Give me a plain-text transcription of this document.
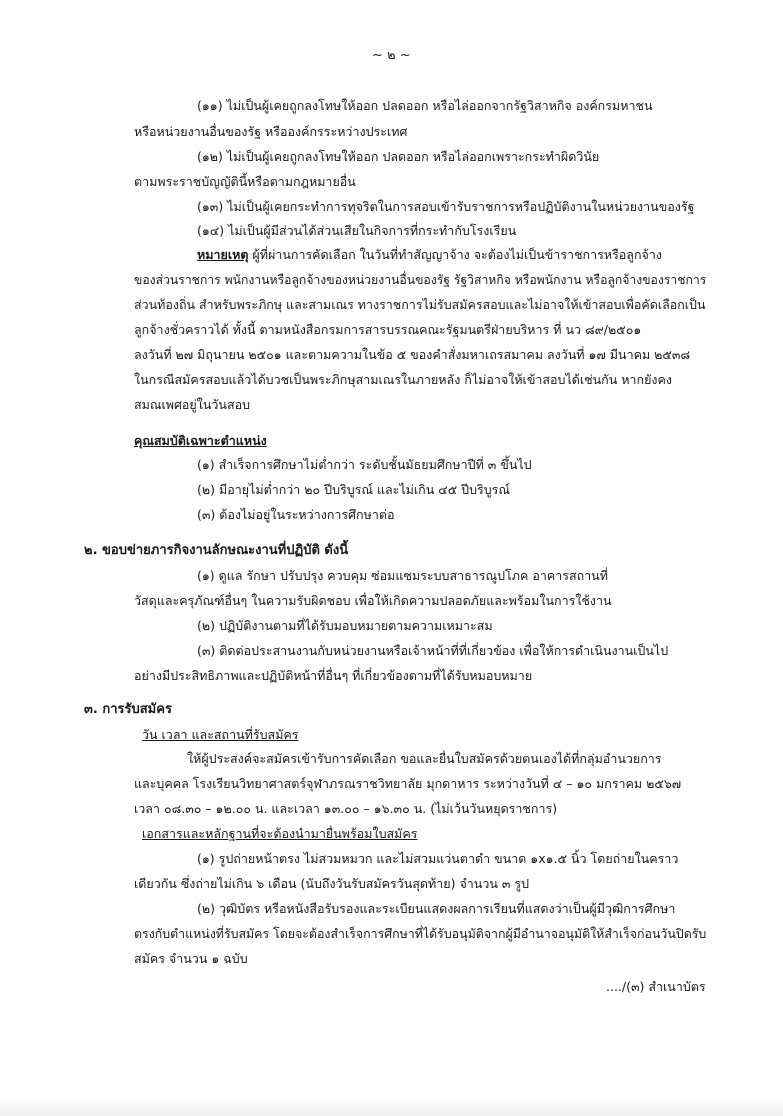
~ ๒ ~
(๑๑) ไม่เป็นผู้เคยถูกลงโทษให้ออก ปลดออก หรือไล่ออกจากรัฐวิสาหกิจ องค์กรมหาชน
หรือหน่วยงานอื่นของรัฐ หรือองค์กรระหว่างประเทศ
(๑๒) ไม่เป็นผู้เคยถูกลงโทษให้ออก ปลดออก หรือไล่ออกเพราะกระทำผิดวินัย
ตามพระราชบัญญัตินี้หรือตามกฎหมายอื่น
(๑๓) ไม่เป็นผู้เคยกระทำการทุจริตในการสอบเข้ารับราชการหรือปฏิบัติงานในหน่วยงานของรัฐ
(๑๔) ไม่เป็นผู้มีส่วนได้ส่วนเสียในกิจการที่กระทำกับโรงเรียน
หมายเหตุ ผู้ที่ผ่านการคัดเลือก ในวันที่ทำสัญญาจ้าง จะต้องไม่เป็นข้าราชการหรือลูกจ้าง
ของส่วนราชการ พนักงานหรือลูกจ้างของหน่วยงานอื่นของรัฐ รัฐวิสาหกิจ หรือพนักงาน หรือลูกจ้างของราชการ
ส่วนท้องถิ่น สำหรับพระภิกษุ และสามเณร ทางราชการไม่รับสมัครสอบและไม่อาจให้เข้าสอบเพื่อคัดเลือกเป็น
ลูกจ้างชั่วคราวได้ ทั้งนี้ ตามหนังสือกรมการสารบรรณคณะรัฐมนตรีฝ่ายบริหาร ที่ นว ๘๙/๒๕๐๑
ลงวันที่ ๒๗ มิถุนายน ๒๕๐๑ และตามความในข้อ ๕ ของคำสั่งมหาเถรสมาคม ลงวันที่ ๑๗ มีนาคม ๒๕๓๘
ในกรณีสมัครสอบแล้วได้บวชเป็นพระภิกษุสามเณรในภายหลัง ก็ไม่อาจให้เข้าสอบได้เช่นกัน หากยังคง
สมณเพศอยู่ในวันสอบ
คุณสมบัติเฉพาะตำแหน่ง
(๑) สำเร็จการศึกษาไม่ต่ำกว่า ระดับชั้นมัธยมศึกษาปีที่ ๓ ขึ้นไป
(๒) มีอายุไม่ต่ำกว่า ๒๐ ปีบริบูรณ์ และไม่เกิน ๔๕ ปีบริบูรณ์
(๓) ต้องไม่อยู่ในระหว่างการศึกษาต่อ
๒. ขอบข่ายภารกิจงานลักษณะงานที่ปฏิบัติ ดังนี้
(๑) ดูแล รักษา ปรับปรุง ควบคุม ซ่อมแซมระบบสาธารณูปโภค อาคารสถานที่
วัสดุและครุภัณฑ์อื่นๆ ในความรับผิดชอบ เพื่อให้เกิดความปลอดภัยและพร้อมในการใช้งาน
(๒) ปฏิบัติงานตามที่ได้รับมอบหมายตามความเหมาะสม
(๓) ติดต่อประสานงานกับหน่วยงานหรือเจ้าหน้าที่ที่เกี่ยวข้อง เพื่อให้การดำเนินงานเป็นไป
อย่างมีประสิทธิภาพและปฏิบัติหน้าที่อื่นๆ ที่เกี่ยวข้องตามที่ได้รับหมอบหมาย
๓. การรับสมัคร
วัน เวลา และสถานที่รับสมัคร
ให้ผู้ประสงค์จะสมัครเข้ารับการคัดเลือก ขอและยื่นใบสมัครด้วยตนเองได้ที่กลุ่มอำนวยการ
และบุคคล โรงเรียนวิทยาศาสตร์จุฬาภรณราชวิทยาลัย มุกดาหาร ระหว่างวันที่ ๔ – ๑๐ มกราคม ๒๕๖๗
เวลา ๐๘.๓๐ – ๑๒.๐๐ น. และเวลา ๑๓.๐๐ – ๑๖.๓๐ น. (ไม่เว้นวันหยุดราชการ)
เอกสารและหลักฐานที่จะต้องนำมายื่นพร้อมใบสมัคร
(๑) รูปถ่ายหน้าตรง ไม่สวมหมวก และไม่สวมแว่นตาดำ ขนาด ๑x๑.๕ นิ้ว โดยถ่ายในคราว
เดียวกัน ซึ่งถ่ายไม่เกิน ๖ เดือน (นับถึงวันรับสมัครวันสุดท้าย) จำนวน ๓ รูป
(๒) วุฒิบัตร หรือหนังสือรับรองและระเบียนแสดงผลการเรียนที่แสดงว่าเป็นผู้มีวุฒิการศึกษา
ตรงกับตำแหน่งที่รับสมัคร โดยจะต้องสำเร็จการศึกษาที่ได้รับอนุมัติจากผู้มีอำนาจอนุมัติให้สำเร็จก่อนวันปิดรับ
สมัคร จำนวน ๑ ฉบับ
..../(๓) สำเนาบัตร
